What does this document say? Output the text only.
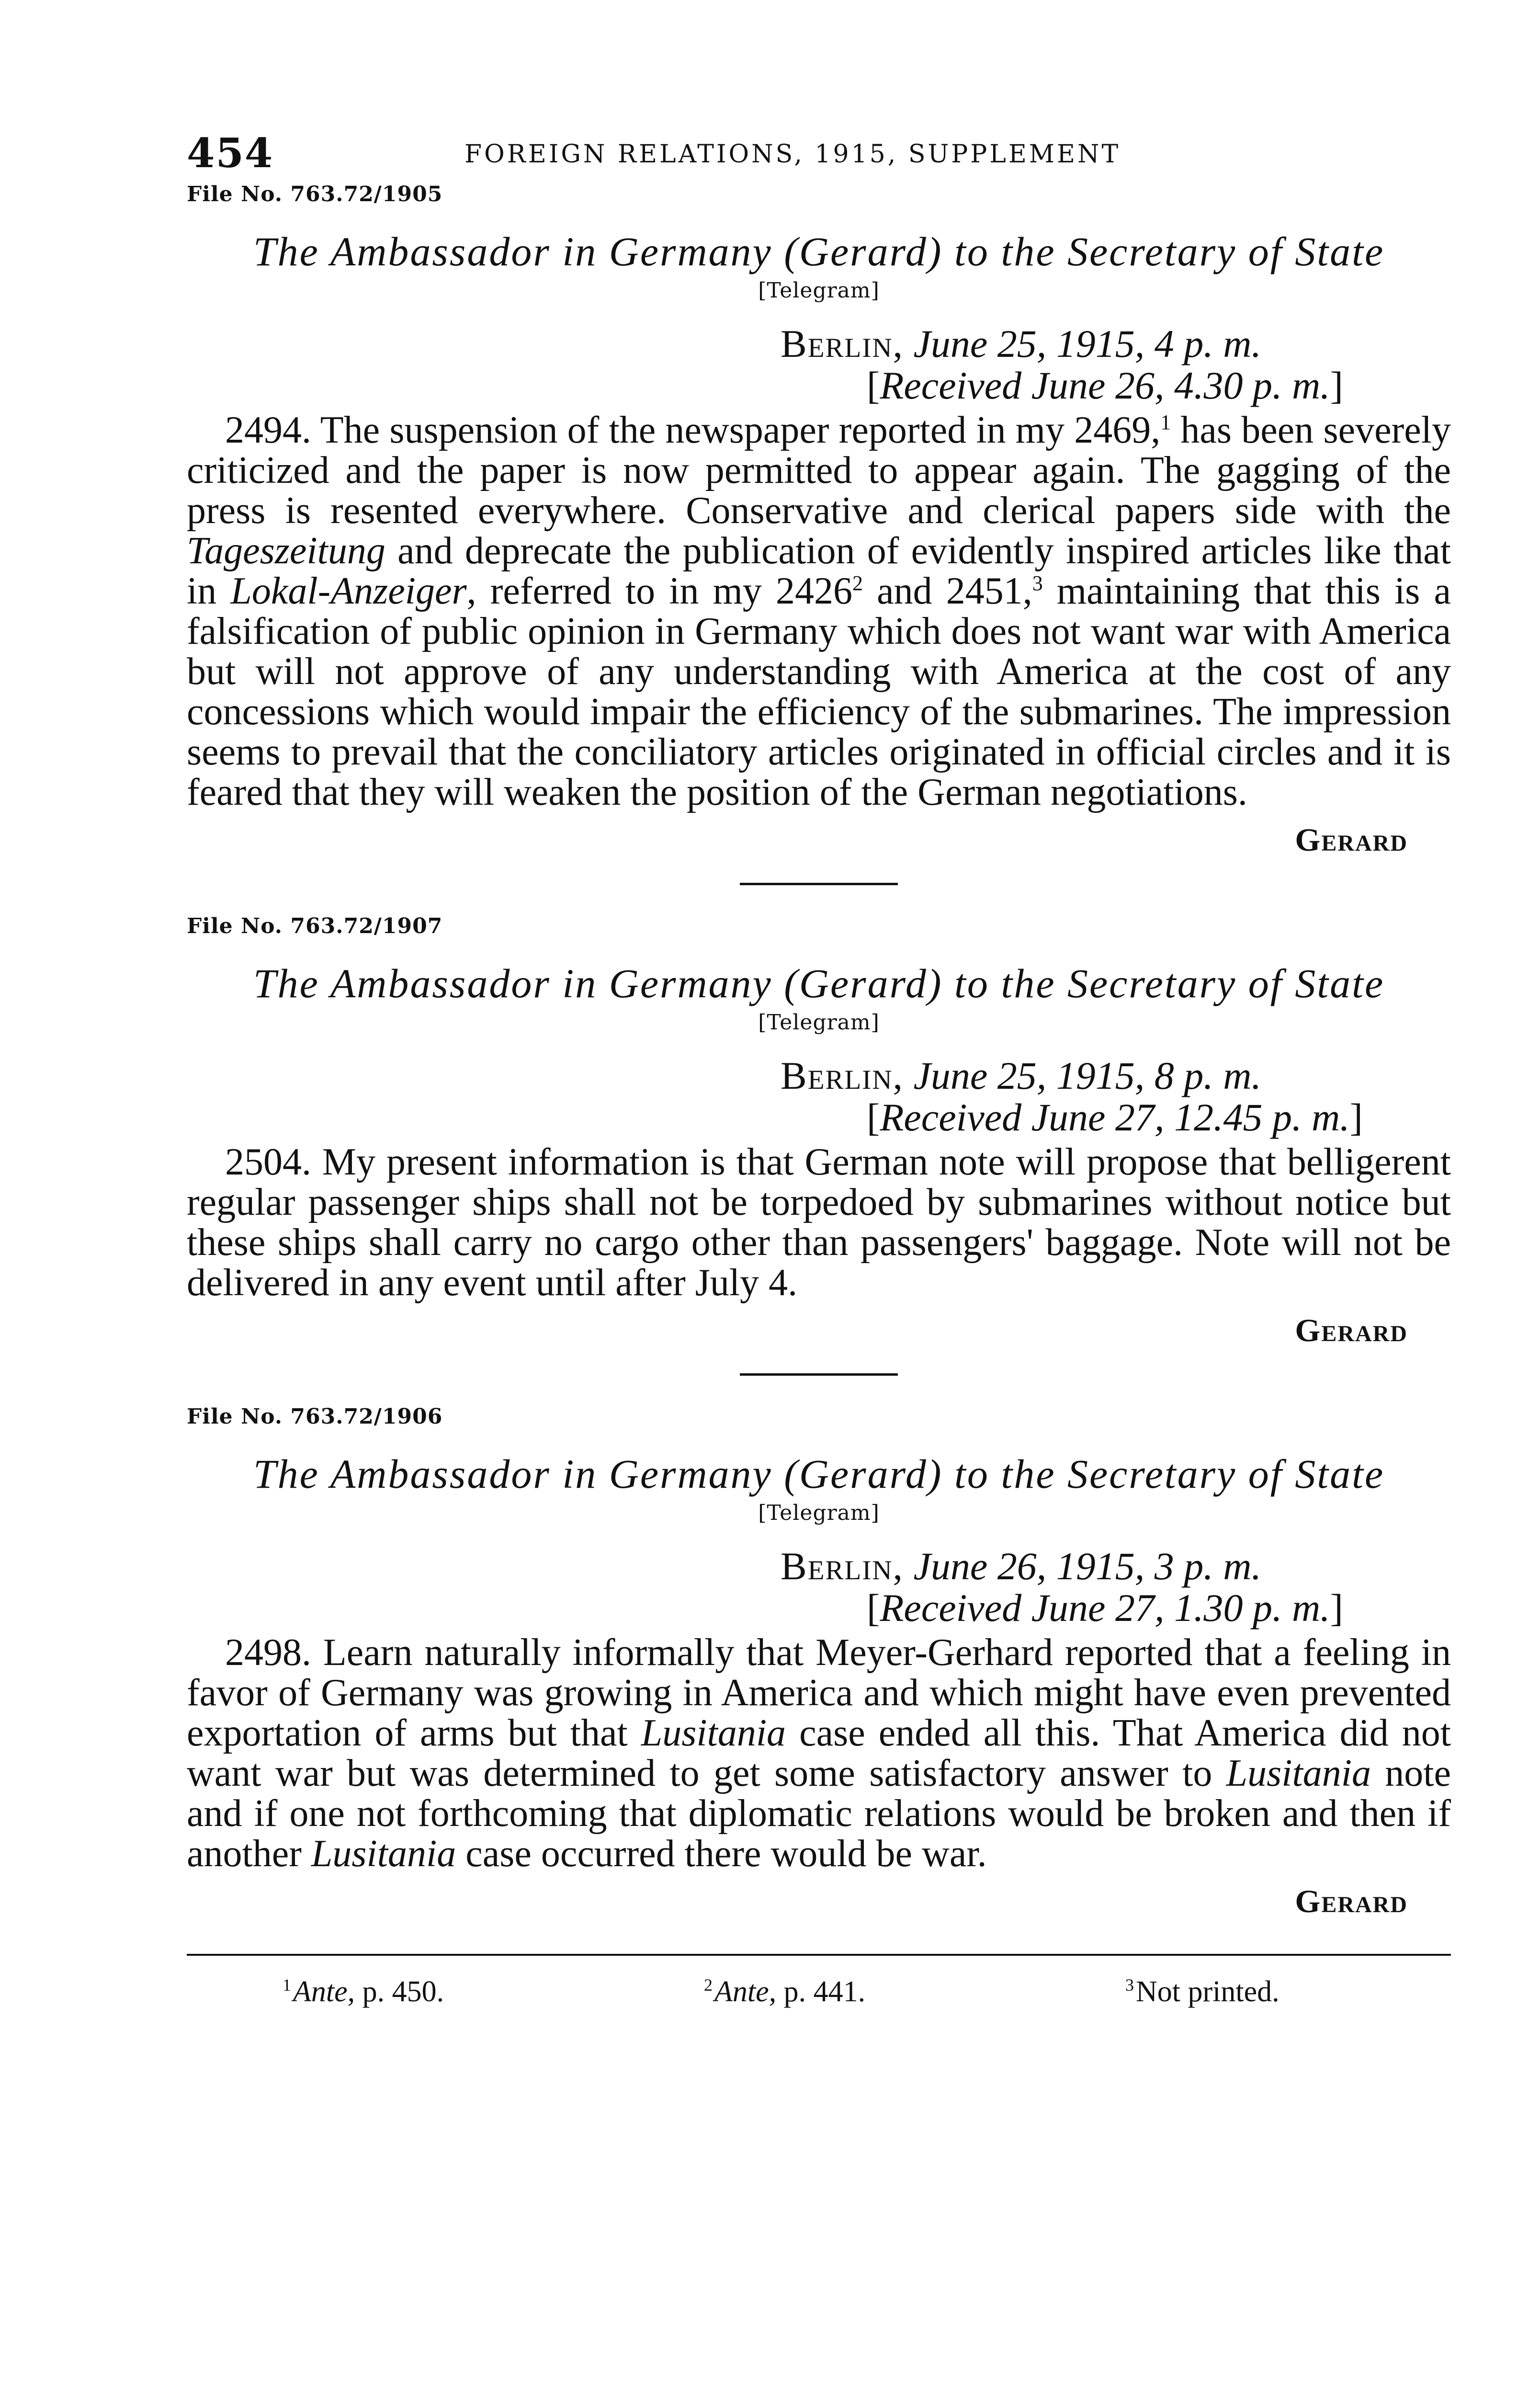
454	FOREIGN RELATIONS, 1915, SUPPLEMENT
File No. 763.72/1905
The Ambassador in Germany (Gerard) to the Secretary of State
[Telegram]
Berlin, June 25, 1915, 4 p. m.
[Received June 26, 4.30 p. m.]

2494. The suspension of the newspaper reported in my 2469,$^1$ has been severely criticized and the paper is now permitted to appear again. The gagging of the press is resented everywhere. Conservative and clerical papers side with the Tageszeitung and deprecate the publication of evidently inspired articles like that in Lokal-Anzeiger, referred to in my 2426$^2$ and 2451,$^3$ maintaining that this is a falsification of public opinion in Germany which does not want war with America but will not approve of any understanding with America at the cost of any concessions which would impair the efficiency of the submarines. The impression seems to prevail that the conciliatory articles originated in official circles and it is feared that they will weaken the position of the German negotiations.

Gerard
File No. 763.72/1907
The Ambassador in Germany (Gerard) to the Secretary of State
[Telegram]
Berlin, June 25, 1915, 8 p. m.
[Received June 27, 12.45 p. m.]

2504. My present information is that German note will propose that belligerent regular passenger ships shall not be torpedoed by submarines without notice but these ships shall carry no cargo other than passengers' baggage. Note will not be delivered in any event until after July 4.

Gerard
File No. 763.72/1906
The Ambassador in Germany (Gerard) to the Secretary of State
[Telegram]
Berlin, June 26, 1915, 3 p. m.
[Received June 27, 1.30 p. m.]

2498. Learn naturally informally that Meyer-Gerhard reported that a feeling in favor of Germany was growing in America and which might have even prevented exportation of arms but that Lusitania case ended all this. That America did not want war but was determined to get some satisfactory answer to Lusitania note and if one not forthcoming that diplomatic relations would be broken and then if another Lusitania case occurred there would be war.

Gerard
$^1$Ante, p. 450.	$^2$Ante, p. 441.	$^3$Not printed.
